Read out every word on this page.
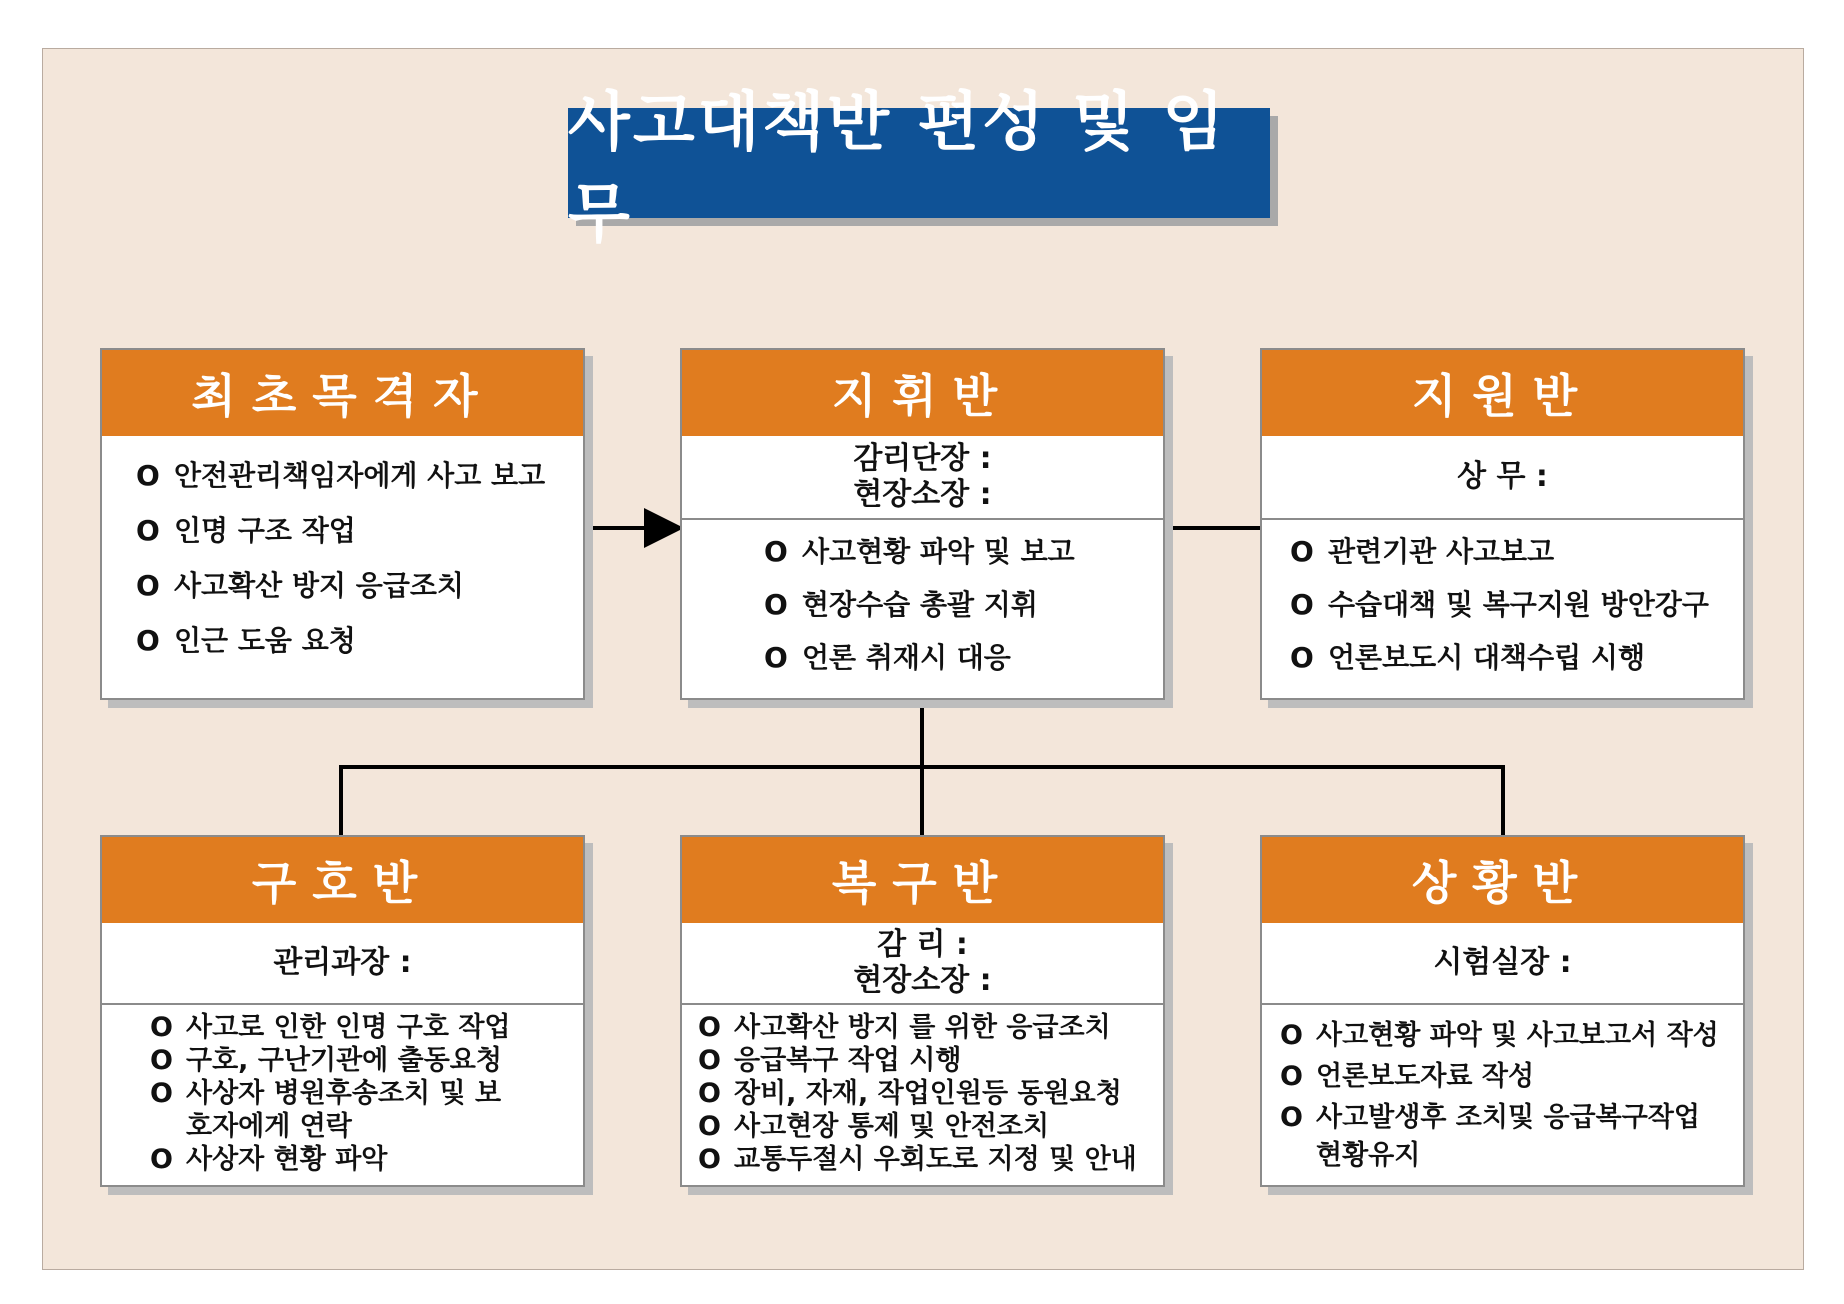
사고대책반 편성 및 임무
최초목격자
O 안전관리책임자에게 사고 보고
O 인명 구조 작업
O 사고확산 방지 응급조치
O 인근 도움 요청
지휘반
감리단장 :
현장소장 :
O 사고현황 파악 및 보고
O 현장수습 총괄 지휘
O 언론 취재시 대응
지원반
상 무 :
O 관련기관 사고보고
O 수습대책 및 복구지원 방안강구
O 언론보도시 대책수립 시행
구호반
관리과장 :
O 사고로 인한 인명 구호 작업
O 구호, 구난기관에 출동요청
O 사상자 병원후송조치 및 보호자에게 연락
O 사상자 현황 파악
복구반
감 리 :
현장소장 :
O 사고확산 방지 를 위한 응급조치
O 응급복구 작업 시행
O 장비, 자재, 작업인원등 동원요청
O 사고현장 통제 및 안전조치
O 교통두절시 우회도로 지정 및 안내
상황반
시험실장 :
O 사고현황 파악 및 사고보고서 작성
O 언론보도자료 작성
O 사고발생후 조치및 응급복구작업 현황유지
